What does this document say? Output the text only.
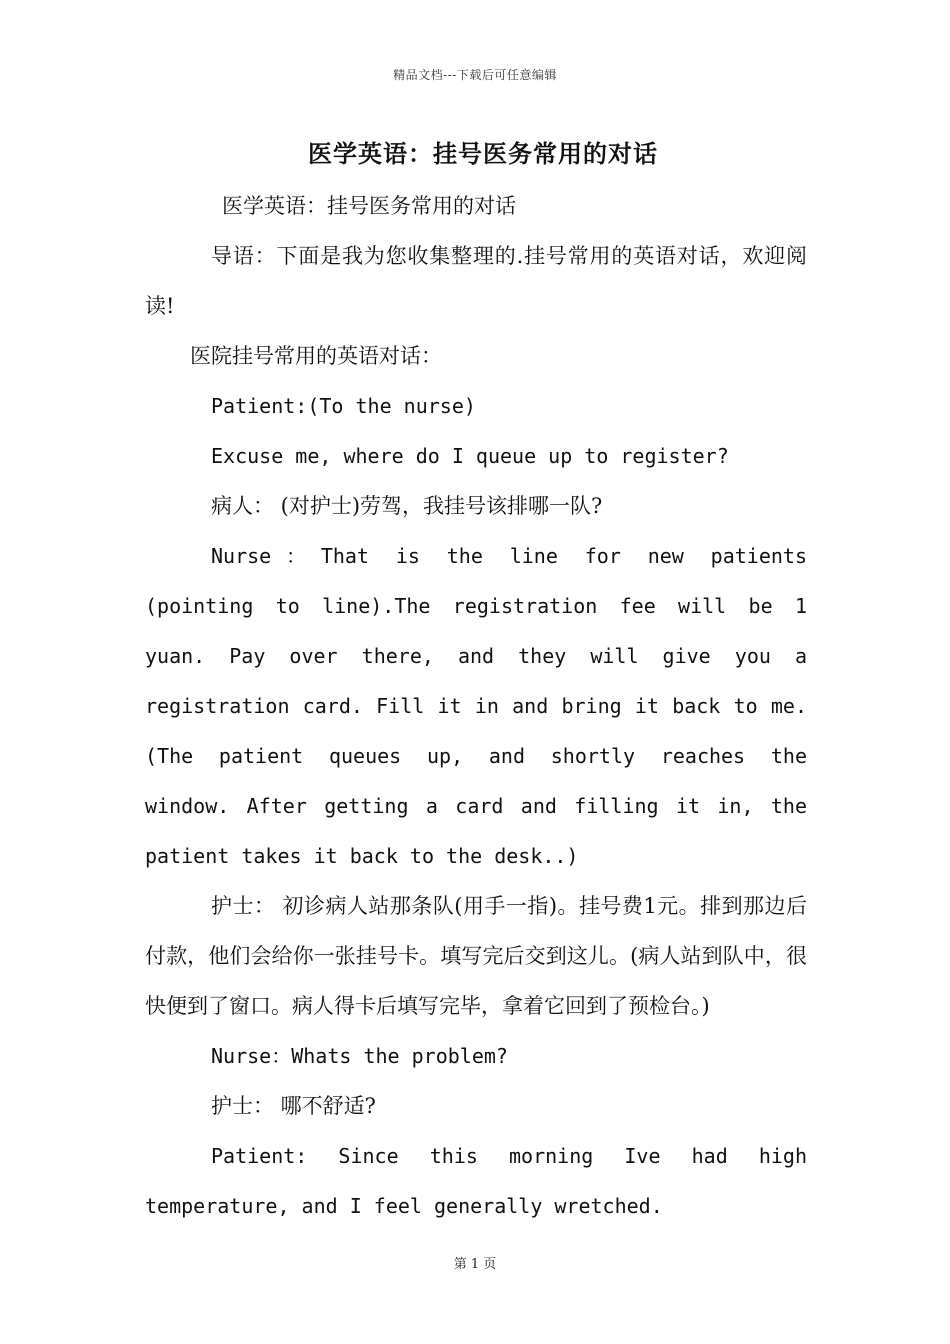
精品文档---下载后可任意编辑
医学英语：挂号医务常用的对话

医学英语：挂号医务常用的对话

导语：下面是我为您收集整理的.挂号常用的英语对话，欢迎阅读!

医院挂号常用的英语对话：

Patient:(To the nurse)

Excuse me, where do I queue up to register?

病人： (对护士)劳驾，我挂号该排哪一队?

Nurse：That is the line for new patients (pointing to line).The registration fee will be 1 yuan. Pay over there, and they will give you a registration card. Fill it in and bring it back to me. (The patient queues up, and shortly reaches the window. After getting a card and filling it in, the patient takes it back to the desk..)

护士： 初诊病人站那条队(用手一指)。挂号费1元。排到那边后付款，他们会给你一张挂号卡。填写完后交到这儿。(病人站到队中，很快便到了窗口。病人得卡后填写完毕，拿着它回到了预检台。)

Nurse：Whats the problem?

护士： 哪不舒适?

Patient: Since this morning Ive had high temperature, and I feel generally wretched.

第 1 页
